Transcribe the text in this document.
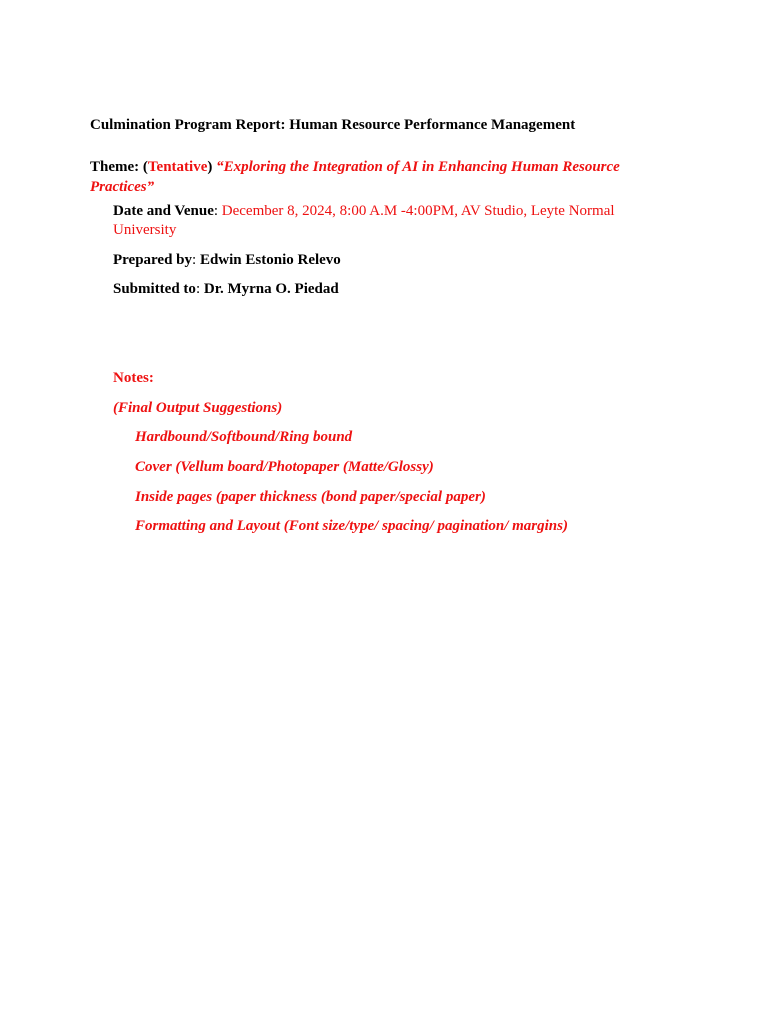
Culmination Program Report: Human Resource Performance Management
Theme: (Tentative) “Exploring the Integration of AI in Enhancing Human Resource
Practices”
Date and Venue: December 8, 2024, 8:00 A.M -4:00PM, AV Studio, Leyte Normal
University
Prepared by: Edwin Estonio Relevo
Submitted to: Dr. Myrna O. Piedad
Notes:
(Final Output Suggestions)
Hardbound/Softbound/Ring bound
Cover (Vellum board/Photopaper (Matte/Glossy)
Inside pages (paper thickness (bond paper/special paper)
Formatting and Layout (Font size/type/ spacing/ pagination/ margins)
